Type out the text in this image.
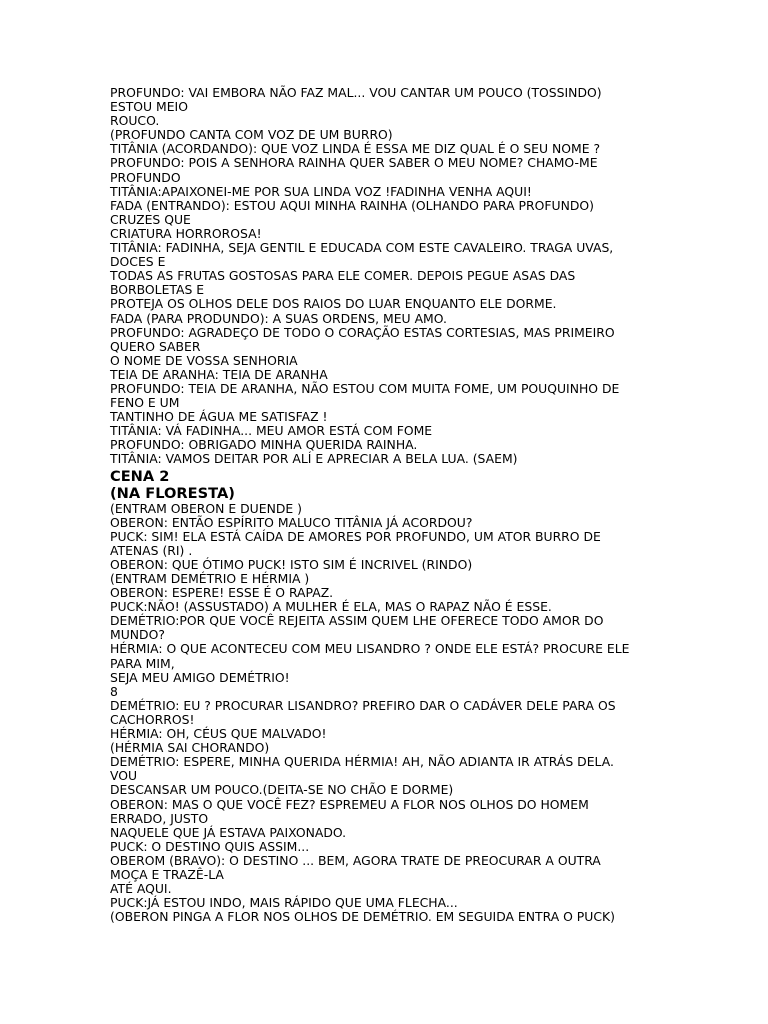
PROFUNDO: VAI EMBORA NÃO FAZ MAL... VOU CANTAR UM POUCO (TOSSINDO)
ESTOU MEIO
ROUCO.
(PROFUNDO CANTA COM VOZ DE UM BURRO)
TITÂNIA (ACORDANDO): QUE VOZ LINDA É ESSA ME DIZ QUAL É O SEU NOME ?
PROFUNDO: POIS A SENHORA RAINHA QUER SABER O MEU NOME? CHAMO-ME
PROFUNDO
TITÂNIA:APAIXONEI-ME POR SUA LINDA VOZ !FADINHA VENHA AQUI!
FADA (ENTRANDO): ESTOU AQUI MINHA RAINHA (OLHANDO PARA PROFUNDO)
CRUZES QUE
CRIATURA HORROROSA!
TITÂNIA: FADINHA, SEJA GENTIL E EDUCADA COM ESTE CAVALEIRO. TRAGA UVAS,
DOCES E
TODAS AS FRUTAS GOSTOSAS PARA ELE COMER. DEPOIS PEGUE ASAS DAS
BORBOLETAS E
PROTEJA OS OLHOS DELE DOS RAIOS DO LUAR ENQUANTO ELE DORME.
FADA (PARA PRODUNDO): A SUAS ORDENS, MEU AMO.
PROFUNDO: AGRADEÇO DE TODO O CORAÇÃO ESTAS CORTESIAS, MAS PRIMEIRO
QUERO SABER
O NOME DE VOSSA SENHORIA
TEIA DE ARANHA: TEIA DE ARANHA
PROFUNDO: TEIA DE ARANHA, NÃO ESTOU COM MUITA FOME, UM POUQUINHO DE
FENO E UM
TANTINHO DE ÁGUA ME SATISFAZ !
TITÂNIA: VÁ FADINHA... MEU AMOR ESTÁ COM FOME
PROFUNDO: OBRIGADO MINHA QUERIDA RAINHA.
TITÂNIA: VAMOS DEITAR POR ALÍ E APRECIAR A BELA LUA. (SAEM)
CENA 2
(NA FLORESTA)
(ENTRAM OBERON E DUENDE )
OBERON: ENTÃO ESPÍRITO MALUCO TITÂNIA JÁ ACORDOU?
PUCK: SIM! ELA ESTÁ CAÍDA DE AMORES POR PROFUNDO, UM ATOR BURRO DE
ATENAS (RI) .
OBERON: QUE ÓTIMO PUCK! ISTO SIM É INCRIVEL (RINDO)
(ENTRAM DEMÉTRIO E HÉRMIA )
OBERON: ESPERE! ESSE É O RAPAZ.
PUCK:NÃO! (ASSUSTADO) A MULHER É ELA, MAS O RAPAZ NÃO É ESSE.
DEMÉTRIO:POR QUE VOCÊ REJEITA ASSIM QUEM LHE OFERECE TODO AMOR DO
MUNDO?
HÉRMIA: O QUE ACONTECEU COM MEU LISANDRO ? ONDE ELE ESTÁ? PROCURE ELE
PARA MIM,
SEJA MEU AMIGO DEMÉTRIO!
8
DEMÉTRIO: EU ? PROCURAR LISANDRO? PREFIRO DAR O CADÁVER DELE PARA OS
CACHORROS!
HÉRMIA: OH, CÉUS QUE MALVADO!
(HÉRMIA SAI CHORANDO)
DEMÉTRIO: ESPERE, MINHA QUERIDA HÉRMIA! AH, NÃO ADIANTA IR ATRÁS DELA.
VOU
DESCANSAR UM POUCO.(DEITA-SE NO CHÃO E DORME)
OBERON: MAS O QUE VOCÊ FEZ? ESPREMEU A FLOR NOS OLHOS DO HOMEM
ERRADO, JUSTO
NAQUELE QUE JÁ ESTAVA PAIXONADO.
PUCK: O DESTINO QUIS ASSIM...
OBEROM (BRAVO): O DESTINO ... BEM, AGORA TRATE DE PREOCURAR A OUTRA
MOÇA E TRAZÊ-LA
ATÉ AQUI.
PUCK:JÁ ESTOU INDO, MAIS RÁPIDO QUE UMA FLECHA...
(OBERON PINGA A FLOR NOS OLHOS DE DEMÉTRIO. EM SEGUIDA ENTRA O PUCK)
